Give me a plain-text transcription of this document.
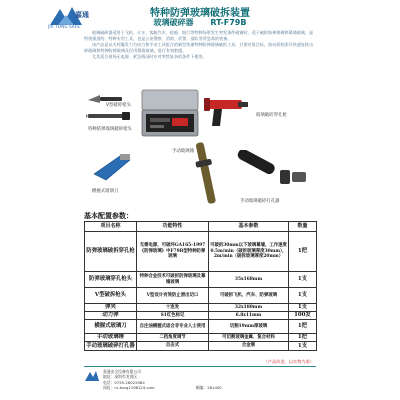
嘉通
JIA TONG SAFE
特种防弹玻璃破拆装置
玻璃破碎器 RT-F79B

玻璃破碎器适用于飞机、火车、客船汽车、轮船、银行等特种场所发生突发事件破窗时，适于破拆防弹玻璃和幕墙玻璃，是特别强劲的、特种专用工具，也是公安警察、消防、武警、部队等所急需的装备。

该产品是以火药爆发力为动力和手动工具组合的新型快速特种防弹玻璃破拆工具，只要对准目标，扣动扳机即可快速连续击碎玻璃和特种防弹玻璃及民用幕墙玻璃，进行有效救援。

尤其适合现场无电源、紧急情况时应对突然复杂的条件下使用。

V型破碎枪头
特种防弹玻璃破碎枪头
玻璃破碎穿孔枪
手动玻璃锤
手动玻璃破碎打孔器
横握式玻璃刀
基本配置参数：
项目名称	功能特性	基本参数	数量
防弹玻璃破拆穿孔枪	无需电源，可破坏GA165-1997《防弹玻璃》中F79B型特种防弹玻璃	可破拆30mm以下玻璃幕墙，工作速度0.5m/min（破拆玻璃厚度30mm），2m/min（破拆玻璃厚度20mm）	1把
防弹玻璃穿孔枪头	特种合金技术可破拆防弹玻璃及幕墙玻璃	35x168mm	1支
V型破拆枪头	V型设计有效防止滑出切口	可破拆飞机、汽车、防弹玻璃	1支
弹夹	十连发	32x180mm	1支
动力弹	S1红色标记	6.8x11mm	100发
横握式玻璃刀	自注油横握式适合非专业人士使用	切割19mm厚玻璃	1把
手动玻璃锤	二档角度调节	可切割玻璃金属、复合材料	1把
手动玻璃破碎打孔器	自击式	合金制	1支
（产品改进，以实物为准）
嘉通安全设备有限公司
地址：深圳市龙岗区
电话：0755-28022084
网址：ru-tong1198124.com	邮编：261400
